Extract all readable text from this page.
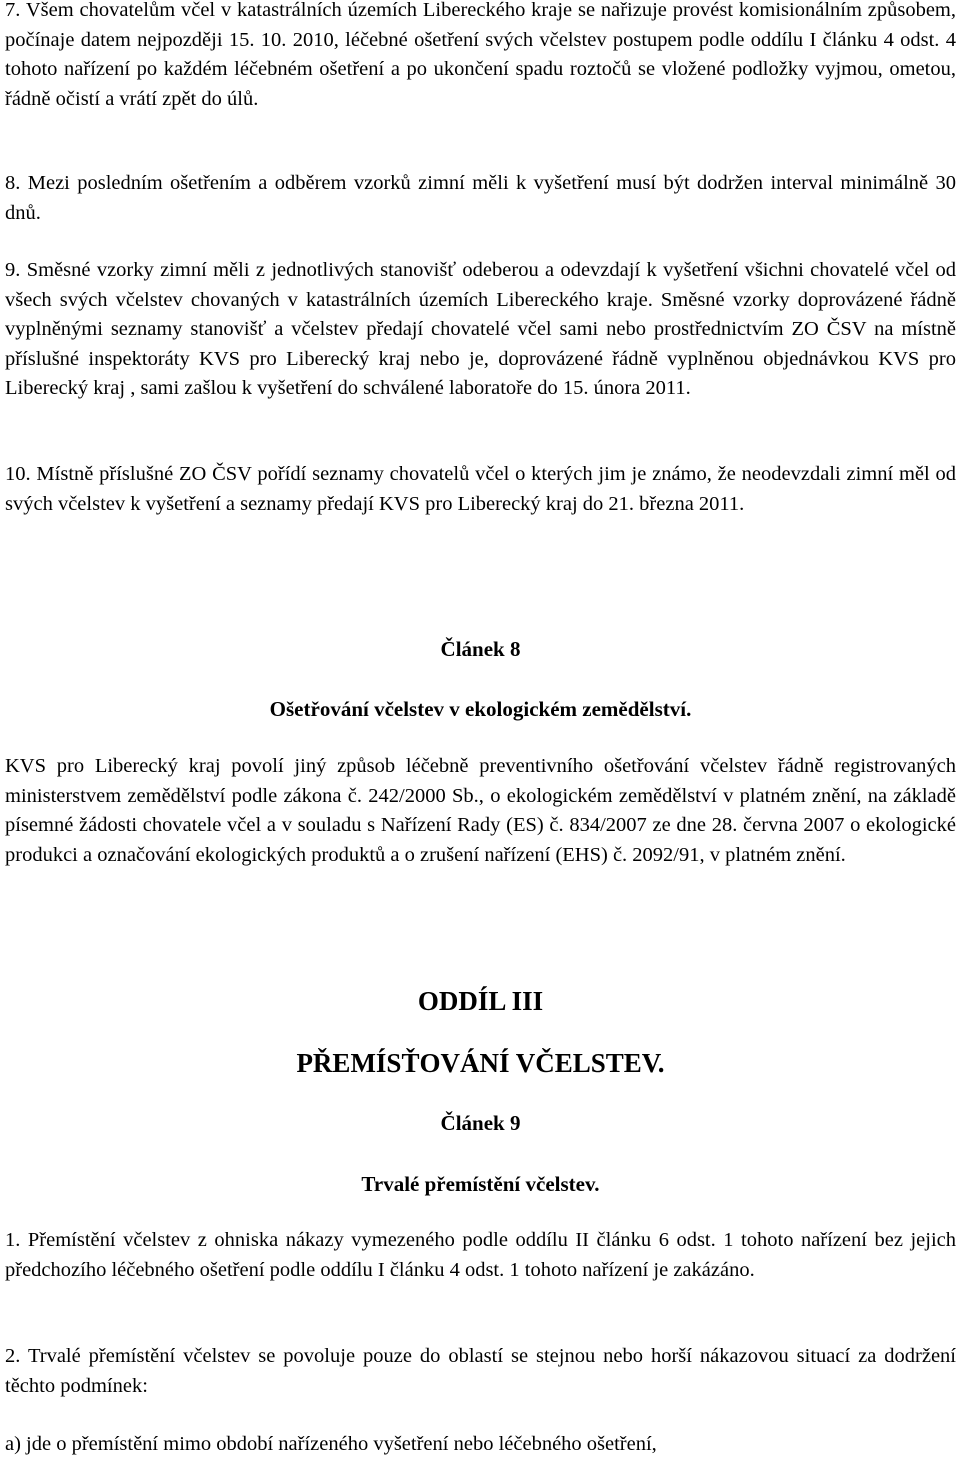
7. Všem chovatelům včel v katastrálních územích Libereckého kraje se nařizuje provést komisionálním způsobem, počínaje datem nejpozději 15. 10. 2010, léčebné ošetření svých včelstev postupem podle oddílu I článku 4 odst. 4 tohoto nařízení po každém léčebném ošetření a po ukončení spadu roztočů se vložené podložky vyjmou, ometou, řádně očistí a vrátí zpět do úlů.

8. Mezi posledním ošetřením a odběrem vzorků zimní měli k vyšetření musí být dodržen interval minimálně 30 dnů.

9. Směsné vzorky zimní měli z jednotlivých stanovišť odeberou a odevzdají k vyšetření všichni chovatelé včel od všech svých včelstev chovaných v katastrálních územích Libereckého kraje. Směsné vzorky doprovázené řádně vyplněnými seznamy stanovišť a včelstev předají chovatelé včel sami nebo prostřednictvím ZO ČSV na místně příslušné inspektoráty KVS pro Liberecký kraj nebo je, doprovázené řádně vyplněnou objednávkou KVS pro Liberecký kraj , sami zašlou k vyšetření do schválené laboratoře do 15. února 2011.

10. Místně příslušné ZO ČSV pořídí seznamy chovatelů včel o kterých jim je známo, že neodevzdali zimní měl od svých včelstev k vyšetření a seznamy předají KVS pro Liberecký kraj do 21. března 2011.

Článek 8
Ošetřování včelstev v ekologickém zemědělství.

KVS pro Liberecký kraj povolí jiný způsob léčebně preventivního ošetřování včelstev řádně registrovaných ministerstvem zemědělství podle zákona č. 242/2000 Sb., o ekologickém zemědělství v platném znění, na základě písemné žádosti chovatele včel a v souladu s Nařízení Rady (ES) č. 834/2007 ze dne 28. června 2007 o ekologické produkci a označování ekologických produktů a o zrušení nařízení (EHS) č. 2092/91, v platném znění.

ODDÍL III
PŘEMÍSŤOVÁNÍ VČELSTEV.
Článek 9
Trvalé přemístění včelstev.

1. Přemístění včelstev z ohniska nákazy vymezeného podle oddílu II článku 6 odst. 1 tohoto nařízení bez jejich předchozího léčebného ošetření podle oddílu I článku 4 odst. 1 tohoto nařízení je zakázáno.

2. Trvalé přemístění včelstev se povoluje pouze do oblastí se stejnou nebo horší nákazovou situací za dodržení těchto podmínek:

a) jde o přemístění mimo období nařízeného vyšetření nebo léčebného ošetření,
